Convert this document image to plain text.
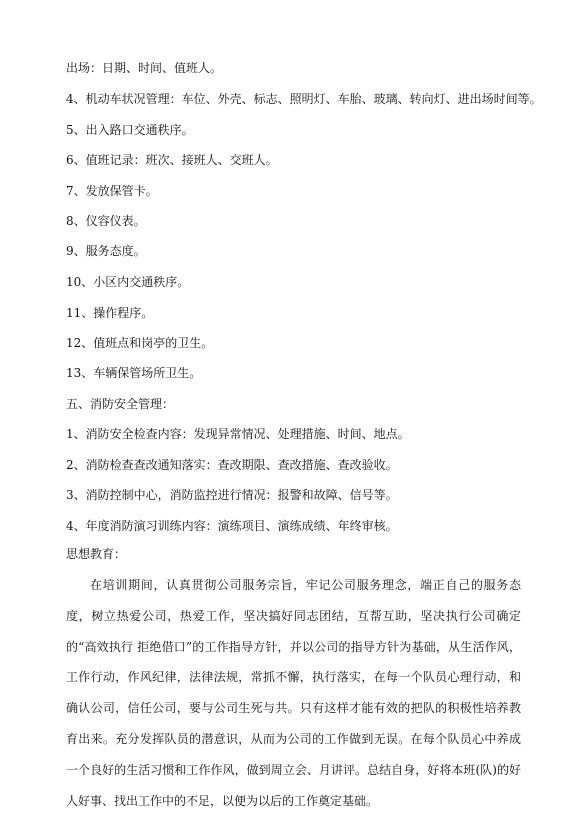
出场：日期、时间、值班人。
4、机动车状况管理：车位、外壳、标志、照明灯、车胎、玻璃、转向灯、进出场时间等。
5、出入路口交通秩序。
6、值班记录：班次、接班人、交班人。
7、发放保管卡。
8、仪容仪表。
9、服务态度。
10、小区内交通秩序。
11、操作程序。
12、值班点和岗亭的卫生。
13、车辆保管场所卫生。
五、消防安全管理：
1、消防安全检查内容：发现异常情况、处理措施、时间、地点。
2、消防检查查改通知落实：查改期限、查改措施、查改验收。
3、消防控制中心，消防监控进行情况：报警和故障、信号等。
4、年度消防演习训练内容：演练项目、演练成绩、年终审核。
思想教育：

在培训期间，认真贯彻公司服务宗旨，牢记公司服务理念，端正自己的服务态度，树立热爱公司，热爱工作，坚决搞好同志团结，互帮互助，坚决执行公司确定的“高效执行 拒绝借口”的工作指导方针，并以公司的指导方针为基础，从生活作风，工作行动，作风纪律，法律法规，常抓不懈，执行落实，在每一个队员心理行动，和确认公司，信任公司，要与公司生死与共。只有这样才能有效的把队的积极性培养教育出来。充分发挥队员的潜意识，从而为公司的工作做到无误。在每个队员心中养成一个良好的生活习惯和工作作风，做到周立会、月讲评。总结自身，好将本班(队)的好人好事、找出工作中的不足，以便为以后的工作奠定基础。
